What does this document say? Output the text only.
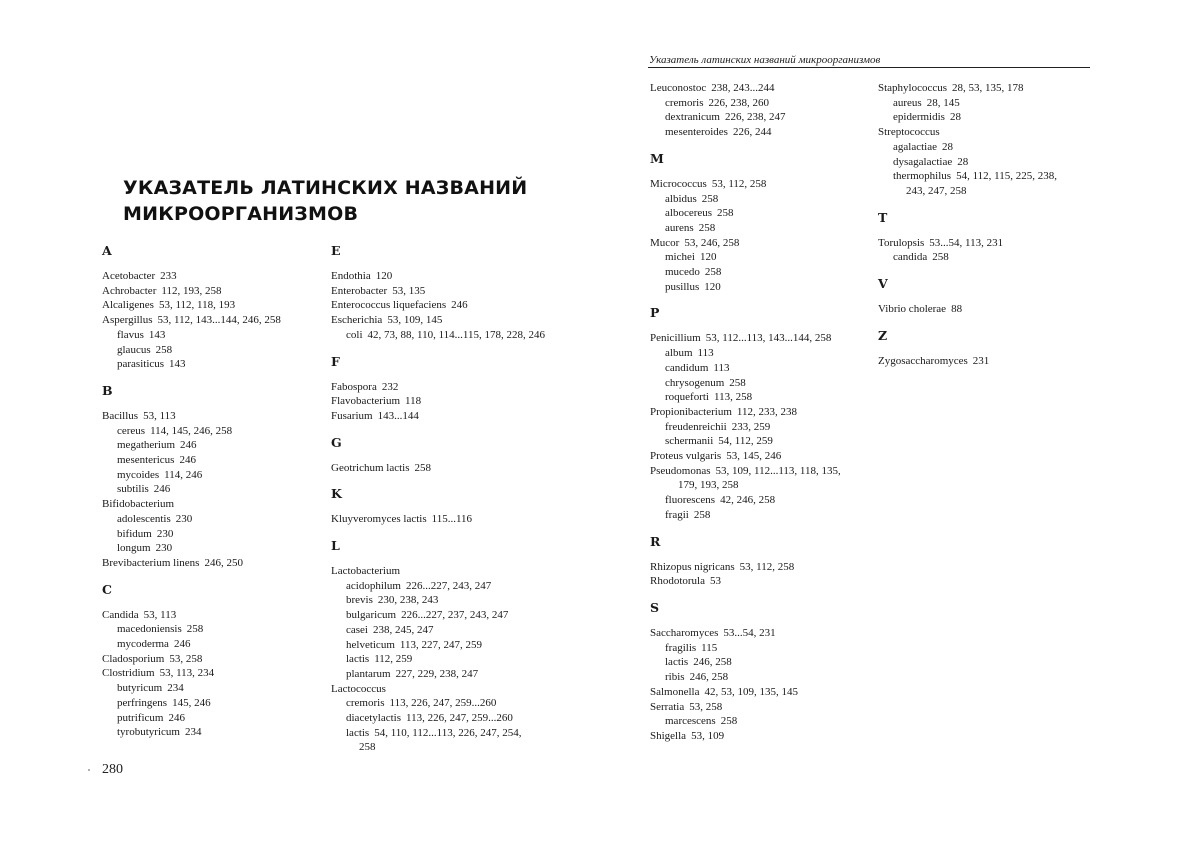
УКАЗАТЕЛЬ ЛАТИНСКИХ НАЗВАНИЙ
МИКРООРГАНИЗМОВ
A
Acetobacter 233
Achrobacter 112, 193, 258
Alcaligenes 53, 112, 118, 193
Aspergillus 53, 112, 143...144, 246, 258
flavus 143
glaucus 258
parasiticus 143
B
Bacillus 53, 113
cereus 114, 145, 246, 258
megatherium 246
mesentericus 246
mycoides 114, 246
subtilis 246
Bifidobacterium
adolescentis 230
bifidum 230
longum 230
Brevibacterium linens 246, 250
C
Candida 53, 113
macedoniensis 258
mycoderma 246
Cladosporium 53, 258
Clostridium 53, 113, 234
butyricum 234
perfringens 145, 246
putrificum 246
tyrobutyricum 234
E
Endothia 120
Enterobacter 53, 135
Enterococcus liquefaciens 246
Escherichia 53, 109, 145
coli 42, 73, 88, 110, 114...115, 178, 228, 246
F
Fabospora 232
Flavobacterium 118
Fusarium 143...144
G
Geotrichum lactis 258
K
Kluyveromyces lactis 115...116
L
Lactobacterium
acidophilum 226...227, 243, 247
brevis 230, 238, 243
bulgaricum 226...227, 237, 243, 247
casei 238, 245, 247
helveticum 113, 227, 247, 259
lactis 112, 259
plantarum 227, 229, 238, 247
Lactococcus
cremoris 113, 226, 247, 259...260
diacetylactis 113, 226, 247, 259...260
lactis 54, 110, 112...113, 226, 247, 254,
258
280
Указатель латинских названий микроорганизмов
Leuconostoc 238, 243...244
cremoris 226, 238, 260
dextranicum 226, 238, 247
mesenteroides 226, 244
M
Micrococcus 53, 112, 258
albidus 258
albocereus 258
aurens 258
Mucor 53, 246, 258
michei 120
mucedo 258
pusillus 120
P
Penicillium 53, 112...113, 143...144, 258
album 113
candidum 113
chrysogenum 258
roqueforti 113, 258
Propionibacterium 112, 233, 238
freudenreichii 233, 259
schermanii 54, 112, 259
Proteus vulgaris 53, 145, 246
Pseudomonas 53, 109, 112...113, 118, 135,
179, 193, 258
fluorescens 42, 246, 258
fragii 258
R
Rhizopus nigricans 53, 112, 258
Rhodotorula 53
S
Saccharomyces 53...54, 231
fragilis 115
lactis 246, 258
ribis 246, 258
Salmonella 42, 53, 109, 135, 145
Serratia 53, 258
marcescens 258
Shigella 53, 109
Staphylococcus 28, 53, 135, 178
aureus 28, 145
epidermidis 28
Streptococcus
agalactiae 28
dysagalactiae 28
thermophilus 54, 112, 115, 225, 238,
243, 247, 258
T
Torulopsis 53...54, 113, 231
candida 258
V
Vibrio cholerae 88
Z
Zygosaccharomyces 231
